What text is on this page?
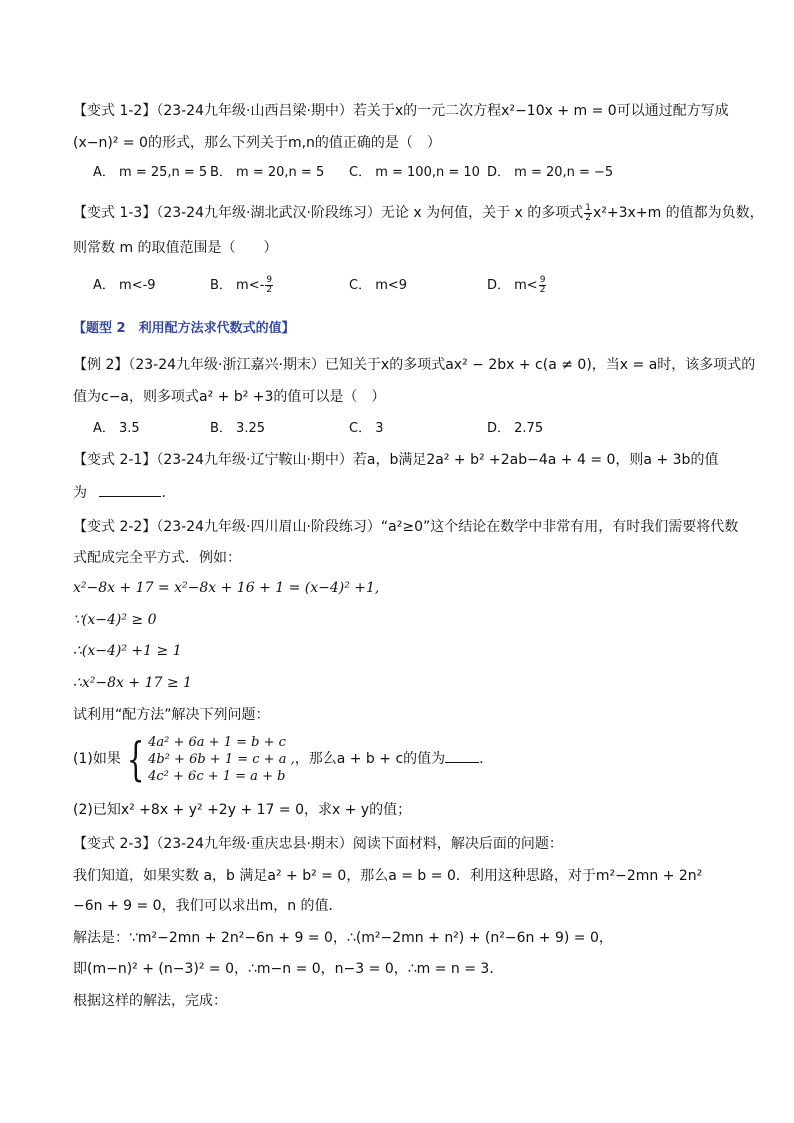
【变式 1-2】（23-24九年级·山西吕梁·期中）若关于x的一元二次方程x²−10x + m = 0可以通过配方写成
(x−n)² = 0的形式，那么下列关于m,n的值正确的是（　）
A． m = 25,n = 5 B． m = 20,n = 5 C． m = 100,n = 10 D． m = 20,n = −5
【变式 1-3】（23-24九年级·湖北武汉·阶段练习）无论 x 为何值，关于 x 的多项式 $\frac{1}{2} x^2+3x+m$ 的值都为负数，
则常数 m 的取值范围是（　　）
A． m<-9	B． $m<- \frac{9}{2}$	C． m<9	D． $m< \frac{9}{2}$
【题型 2　利用配方法求代数式的值】
【例 2】（23-24九年级·浙江嘉兴·期末）已知关于x的多项式ax² − 2bx + c(a ≠ 0)，当x = a时，该多项式的
值为c−a，则多项式a² + b² +3的值可以是（　）
A． 3.5	B． 3.25	C． 3	D． 2.75
【变式 2-1】（23-24九年级·辽宁鞍山·期中）若a，b满足2a² + b² +2ab−4a + 4 = 0，则a + 3b的值
为	.
【变式 2-2】（23-24九年级·四川眉山·阶段练习）“a²≥0”这个结论在数学中非常有用，有时我们需要将代数
式配成完全平方式．例如：
x²−8x + 17 = x²−8x + 16 + 1 = (x−4)² +1,
∵(x−4)² ≥ 0
∴(x−4)² +1 ≥ 1
∴x²−8x + 17 ≥ 1
试利用“配方法”解决下列问题：
(1)如果 { 4a² + 6a + 1 = b + c
4b² + 6b + 1 = c + a ,
4c² + 6c + 1 = a + b
，那么a + b + c的值为 .
(2)已知x² +8x + y² +2y + 17 = 0，求x + y的值；
【变式 2-3】（23-24九年级·重庆忠县·期末）阅读下面材料，解决后面的问题：
我们知道，如果实数 a，b 满足a² + b² = 0，那么a = b = 0．利用这种思路，对于m²−2mn + 2n²
−6n + 9 = 0，我们可以求出m，n 的值．
解法是：∵m²−2mn + 2n²−6n + 9 = 0，∴(m²−2mn + n²) + (n²−6n + 9) = 0，
即(m−n)² + (n−3)² = 0，∴m−n = 0，n−3 = 0，∴m = n = 3．
根据这样的解法，完成：
